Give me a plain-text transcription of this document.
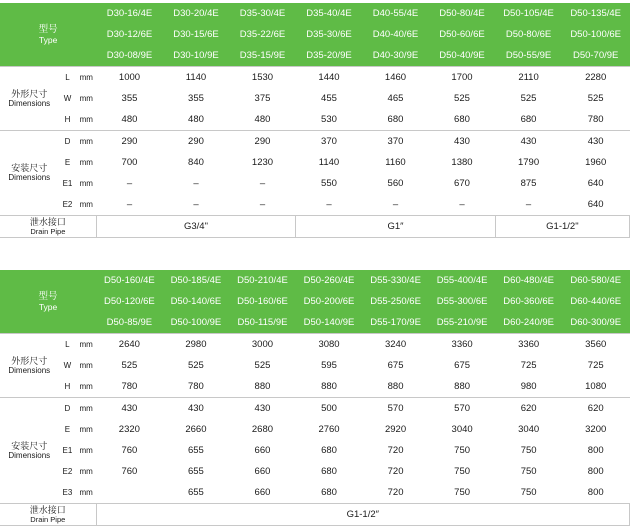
型号
Type			D30-16/4E	D30-20/4E	D35-30/4E	D35-40/4E	D40-55/4E	D50-80/4E	D50-105/4E	D50-135/4E
			D30-12/6E	D30-15/6E	D35-22/6E	D35-30/6E	D40-40/6E	D50-60/6E	D50-80/6E	D50-100/6E
			D30-08/9E	D30-10/9E	D35-15/9E	D35-20/9E	D40-30/9E	D50-40/9E	D50-55/9E	D50-70/9E

外形尺寸
Dimensions	L	mm	1000	1140	1530	1440	1460	1700	2110	2280
	W	mm	355	355	375	455	465	525	525	525
	H	mm	480	480	480	530	680	680	680	780

安装尺寸
Dimensions	D	mm	290	290	290	370	370	430	430	430
	E	mm	700	840	1230	1140	1160	1380	1790	1960
	E1	mm	–	–	–	550	560	670	875	640
	E2	mm	–	–	–	–	–	–	–	640

泄水接口
Drain Pipe			G3/4"			G1″			G1-1/2"	
型号
Type			D50-160/4E	D50-185/4E	D50-210/4E	D50-260/4E	D55-330/4E	D55-400/4E	D60-480/4E	D60-580/4E
			D50-120/6E	D50-140/6E	D50-160/6E	D50-200/6E	D55-250/6E	D55-300/6E	D60-360/6E	D60-440/6E
			D50-85/9E	D50-100/9E	D50-115/9E	D50-140/9E	D55-170/9E	D55-210/9E	D60-240/9E	D60-300/9E

外形尺寸
Dimensions	L	mm	2640	2980	3000	3080	3240	3360	3360	3560
	W	mm	525	525	525	595	675	675	725	725
	H	mm	780	780	880	880	880	880	980	1080

安装尺寸
Dimensions	D	mm	430	430	430	500	570	570	620	620
	E	mm	2320	2660	2680	2760	2920	3040	3040	3200
	E1	mm	760	655	660	680	720	750	750	800
	E2	mm	760	655	660	680	720	750	750	800
	E3	mm		655	660	680	720	750	750	800

泄水接口
Drain Pipe			G1-1/2″							
